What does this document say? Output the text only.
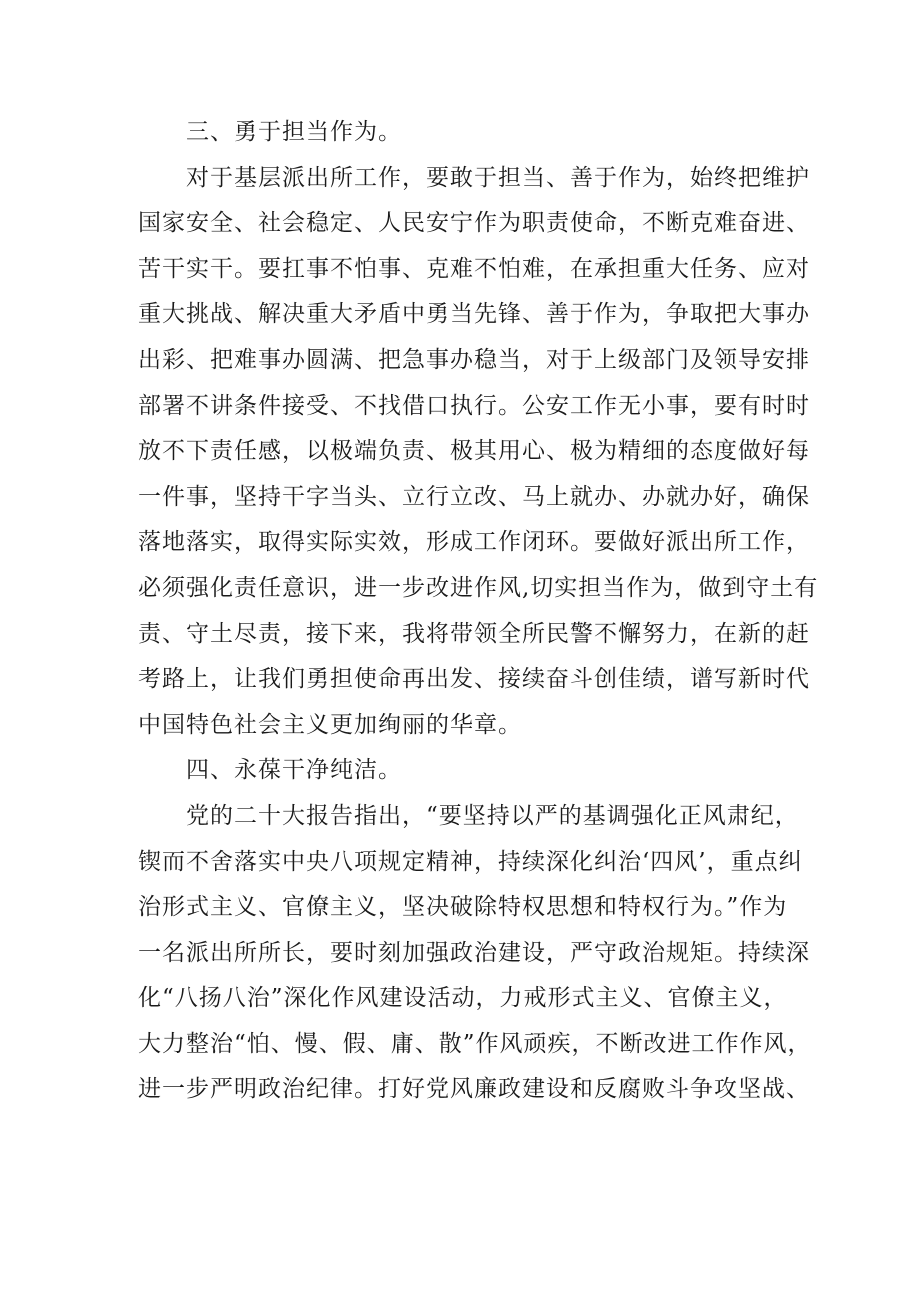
三、勇于担当作为。
对于基层派出所工作，要敢于担当、善于作为，始终把维护
国家安全、社会稳定、人民安宁作为职责使命，不断克难奋进、
苦干实干。要扛事不怕事、克难不怕难，在承担重大任务、应对
重大挑战、解决重大矛盾中勇当先锋、善于作为，争取把大事办
出彩、把难事办圆满、把急事办稳当，对于上级部门及领导安排
部署不讲条件接受、不找借口执行。公安工作无小事，要有时时
放不下责任感，以极端负责、极其用心、极为精细的态度做好每
一件事，坚持干字当头、立行立改、马上就办、办就办好，确保
落地落实，取得实际实效，形成工作闭环。要做好派出所工作，
必须强化责任意识，进一步改进作风,切实担当作为，做到守土有
责、守土尽责，接下来，我将带领全所民警不懈努力，在新的赶
考路上，让我们勇担使命再出发、接续奋斗创佳绩，谱写新时代
中国特色社会主义更加绚丽的华章。
四、永葆干净纯洁。
党的二十大报告指出，“要坚持以严的基调强化正风肃纪，
锲而不舍落实中央八项规定精神，持续深化纠治‘四风’，重点纠
治形式主义、官僚主义，坚决破除特权思想和特权行为。”作为
一名派出所所长，要时刻加强政治建设，严守政治规矩。持续深
化“八扬八治”深化作风建设活动，力戒形式主义、官僚主义，
大力整治“怕、慢、假、庸、散”作风顽疾，不断改进工作作风，
进一步严明政治纪律。打好党风廉政建设和反腐败斗争攻坚战、
